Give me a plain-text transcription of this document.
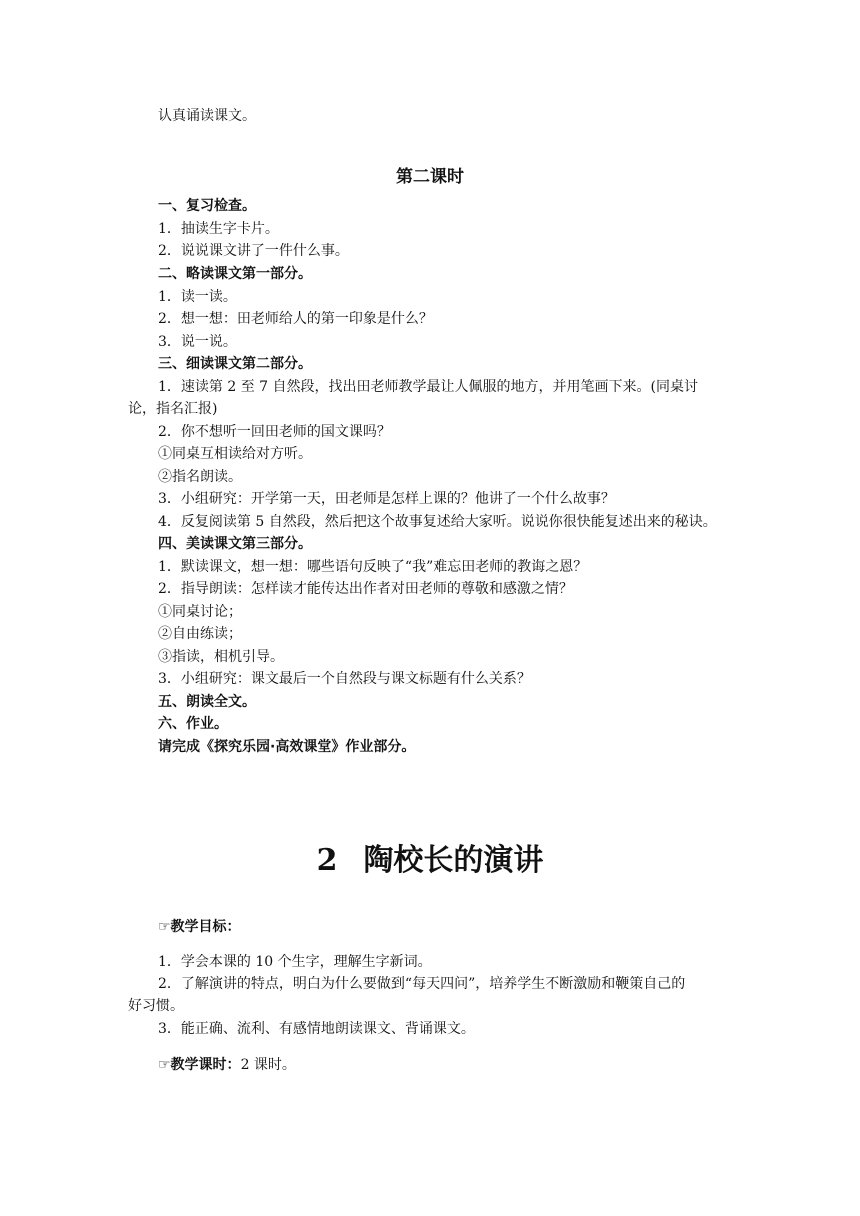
认真诵读课文。
第二课时
一、复习检查。
1．抽读生字卡片。
2．说说课文讲了一件什么事。
二、略读课文第一部分。
1．读一读。
2．想一想：田老师给人的第一印象是什么？
3．说一说。
三、细读课文第二部分。
1．速读第 2 至 7 自然段，找出田老师教学最让人佩服的地方，并用笔画下来。(同桌讨
论，指名汇报)
2．你不想听一回田老师的国文课吗？
①同桌互相读给对方听。
②指名朗读。
3．小组研究：开学第一天，田老师是怎样上课的？他讲了一个什么故事？
4．反复阅读第 5 自然段，然后把这个故事复述给大家听。说说你很快能复述出来的秘诀。
四、美读课文第三部分。
1．默读课文，想一想：哪些语句反映了“我”难忘田老师的教诲之恩？
2．指导朗读：怎样读才能传达出作者对田老师的尊敬和感激之情？
①同桌讨论；
②自由练读；
③指读，相机引导。
3．小组研究：课文最后一个自然段与课文标题有什么关系？
五、朗读全文。
六、作业。
请完成《探究乐园·高效课堂》作业部分。
2 陶校长的演讲
☞教学目标：
1．学会本课的 10 个生字，理解生字新词。
2．了解演讲的特点，明白为什么要做到“每天四问”，培养学生不断激励和鞭策自己的
好习惯。
3．能正确、流利、有感情地朗读课文、背诵课文。
☞教学课时：2 课时。
